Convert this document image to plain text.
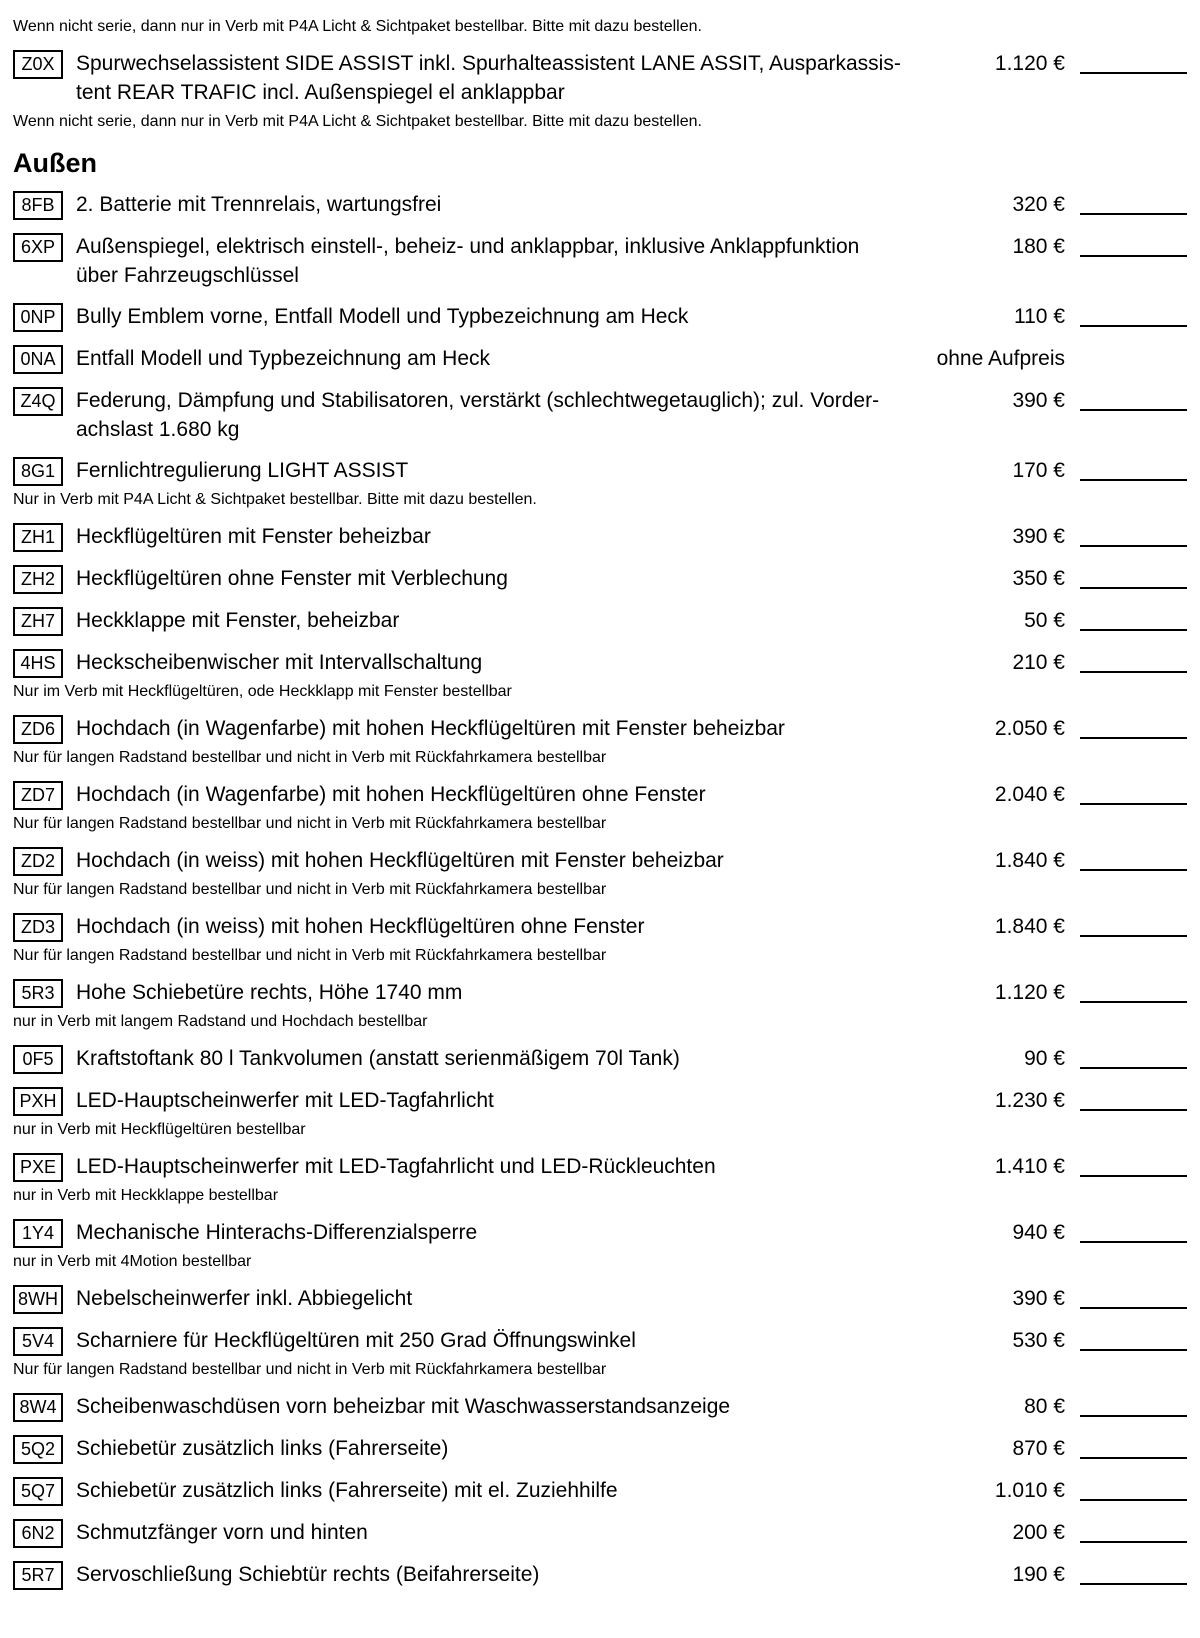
Wenn nicht serie, dann nur in Verb mit P4A Licht & Sichtpaket bestellbar. Bitte mit dazu bestellen.
Z0X Spurwechselassistent SIDE ASSIST inkl. Spurhalteassistent LANE ASSIT, Ausparkassis-
tent REAR TRAFIC incl. Außenspiegel el anklappbar
1.120 €
Wenn nicht serie, dann nur in Verb mit P4A Licht & Sichtpaket bestellbar. Bitte mit dazu bestellen.
Außen
8FB 2. Batterie mit Trennrelais, wartungsfrei	320 €
6XP Außenspiegel, elektrisch einstell-, beheiz- und anklappbar, inklusive Anklappfunktion
über Fahrzeugschlüssel
180 €
0NP Bully Emblem vorne, Entfall Modell und Typbezeichnung am Heck	110 €
0NA Entfall Modell und Typbezeichnung am Heck	ohne Aufpreis
Z4Q Federung, Dämpfung und Stabilisatoren, verstärkt (schlechtwegetauglich); zul. Vorder-
achslast 1.680 kg
390 €
8G1 Fernlichtregulierung LIGHT ASSIST	170 €
Nur in Verb mit P4A Licht & Sichtpaket bestellbar. Bitte mit dazu bestellen.
ZH1 Heckflügeltüren mit Fenster beheizbar	390 €
ZH2 Heckflügeltüren ohne Fenster mit Verblechung	350 €
ZH7 Heckklappe mit Fenster, beheizbar	50 €
4HS Heckscheibenwischer mit Intervallschaltung	210 €
Nur im Verb mit Heckflügeltüren, ode Heckklapp mit Fenster bestellbar
ZD6 Hochdach (in Wagenfarbe) mit hohen Heckflügeltüren mit Fenster beheizbar	2.050 €
Nur für langen Radstand bestellbar und nicht in Verb mit Rückfahrkamera bestellbar
ZD7 Hochdach (in Wagenfarbe) mit hohen Heckflügeltüren ohne Fenster	2.040 €
Nur für langen Radstand bestellbar und nicht in Verb mit Rückfahrkamera bestellbar
ZD2 Hochdach (in weiss) mit hohen Heckflügeltüren mit Fenster beheizbar	1.840 €
Nur für langen Radstand bestellbar und nicht in Verb mit Rückfahrkamera bestellbar
ZD3 Hochdach (in weiss) mit hohen Heckflügeltüren ohne Fenster	1.840 €
Nur für langen Radstand bestellbar und nicht in Verb mit Rückfahrkamera bestellbar
5R3 Hohe Schiebetüre rechts, Höhe 1740 mm	1.120 €
nur in Verb mit langem Radstand und Hochdach bestellbar
0F5 Kraftstoftank 80 l Tankvolumen (anstatt serienmäßigem 70l Tank)	90 €
PXH LED-Hauptscheinwerfer mit LED-Tagfahrlicht	1.230 €
nur in Verb mit Heckflügeltüren bestellbar
PXE LED-Hauptscheinwerfer mit LED-Tagfahrlicht und LED-Rückleuchten	1.410 €
nur in Verb mit Heckklappe bestellbar
1Y4 Mechanische Hinterachs-Differenzialsperre	940 €
nur in Verb mit 4Motion bestellbar
8WH Nebelscheinwerfer inkl. Abbiegelicht	390 €
5V4 Scharniere für Heckflügeltüren mit 250 Grad Öffnungswinkel	530 €
Nur für langen Radstand bestellbar und nicht in Verb mit Rückfahrkamera bestellbar
8W4 Scheibenwaschdüsen vorn beheizbar mit Waschwasserstandsanzeige	80 €
5Q2 Schiebetür zusätzlich links (Fahrerseite)	870 €
5Q7 Schiebetür zusätzlich links (Fahrerseite) mit el. Zuziehhilfe	1.010 €
6N2 Schmutzfänger vorn und hinten	200 €
5R7 Servoschließung Schiebtür rechts (Beifahrerseite)	190 €
